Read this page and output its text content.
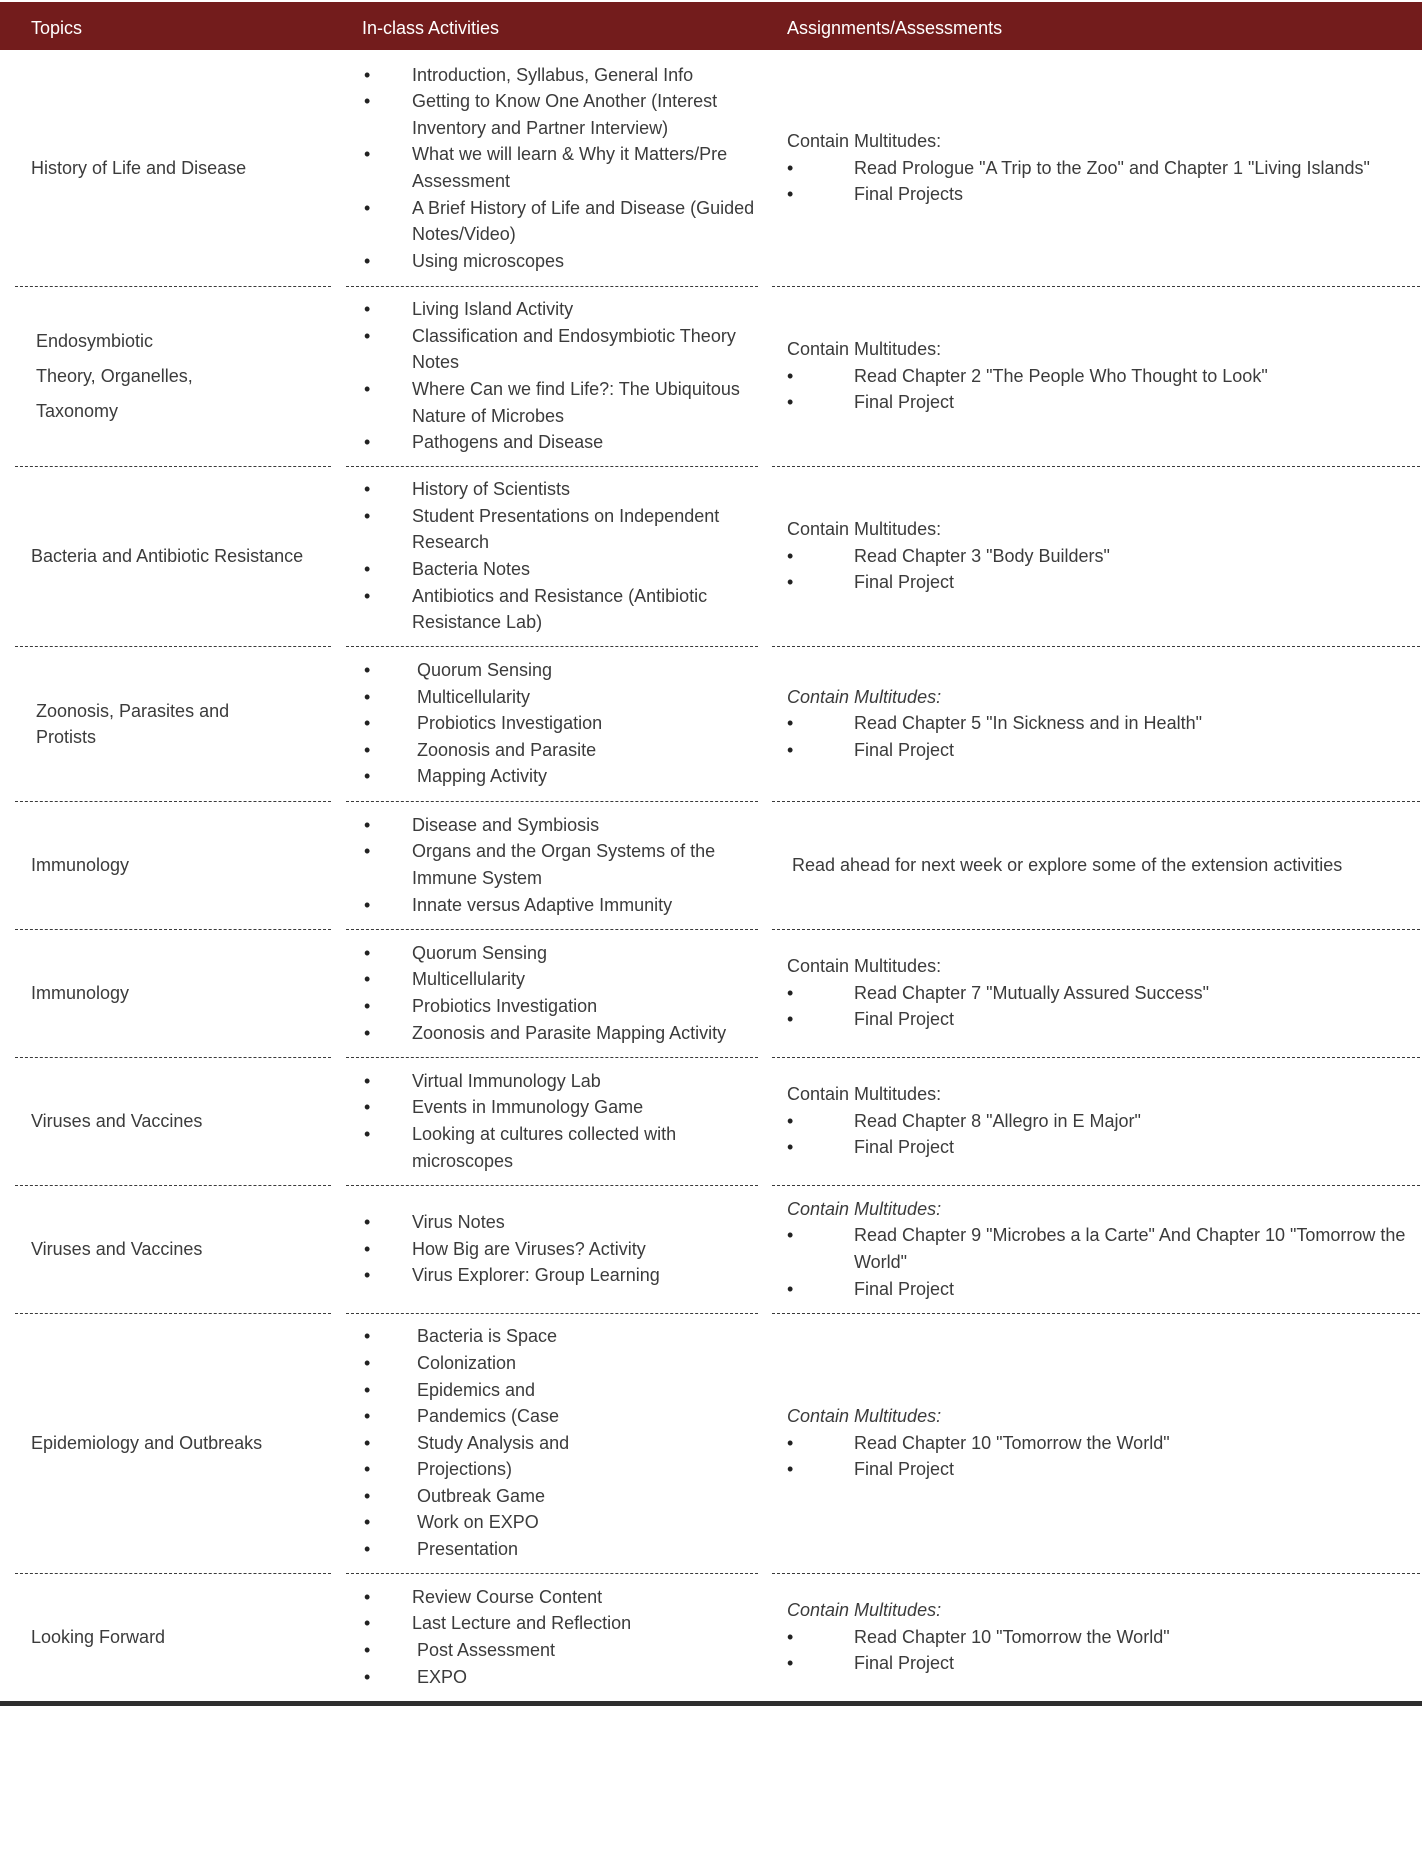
Topics	In-class Activities	Assignments/Assessments
History of Life and Disease
• Introduction, Syllabus, General Info
• Getting to Know One Another (Interest Inventory and Partner Interview)
• What we will learn & Why it Matters/Pre Assessment
• A Brief History of Life and Disease (Guided Notes/Video)
• Using microscopes
Contain Multitudes:
• Read Prologue "A Trip to the Zoo" and Chapter 1 "Living Islands"
• Final Projects
Endosymbiotic
Theory, Organelles,
Taxonomy
• Living Island Activity
• Classification and Endosymbiotic Theory Notes
• Where Can we find Life?: The Ubiquitous Nature of Microbes
• Pathogens and Disease
Contain Multitudes:
• Read Chapter 2 "The People Who Thought to Look"
• Final Project
Bacteria and Antibiotic Resistance
• History of Scientists
• Student Presentations on Independent Research
• Bacteria Notes
• Antibiotics and Resistance (Antibiotic Resistance Lab)
Contain Multitudes:
• Read Chapter 3 "Body Builders"
• Final Project
Zoonosis, Parasites and Protists
• Quorum Sensing
• Multicellularity
• Probiotics Investigation
• Zoonosis and Parasite
• Mapping Activity
Contain Multitudes:
• Read Chapter 5 "In Sickness and in Health"
• Final Project
Immunology
• Disease and Symbiosis
• Organs and the Organ Systems of the Immune System
• Innate versus Adaptive Immunity
Read ahead for next week or explore some of the extension activities
Immunology
• Quorum Sensing
• Multicellularity
• Probiotics Investigation
• Zoonosis and Parasite Mapping Activity
Contain Multitudes:
• Read Chapter 7 "Mutually Assured Success"
• Final Project
Viruses and Vaccines
• Virtual Immunology Lab
• Events in Immunology Game
• Looking at cultures collected with microscopes
Contain Multitudes:
• Read Chapter 8 "Allegro in E Major"
• Final Project
Viruses and Vaccines
• Virus Notes
• How Big are Viruses? Activity
• Virus Explorer: Group Learning
Contain Multitudes:
• Read Chapter 9 "Microbes a la Carte" And Chapter 10 "Tomorrow the World"
• Final Project
Epidemiology and Outbreaks
• Bacteria is Space
• Colonization
• Epidemics and
• Pandemics (Case
• Study Analysis and
• Projections)
• Outbreak Game
• Work on EXPO
• Presentation
Contain Multitudes:
• Read Chapter 10 "Tomorrow the World"
• Final Project
Looking Forward
• Review Course Content
• Last Lecture and Reflection
• Post Assessment
• EXPO
Contain Multitudes:
• Read Chapter 10 "Tomorrow the World"
• Final Project
